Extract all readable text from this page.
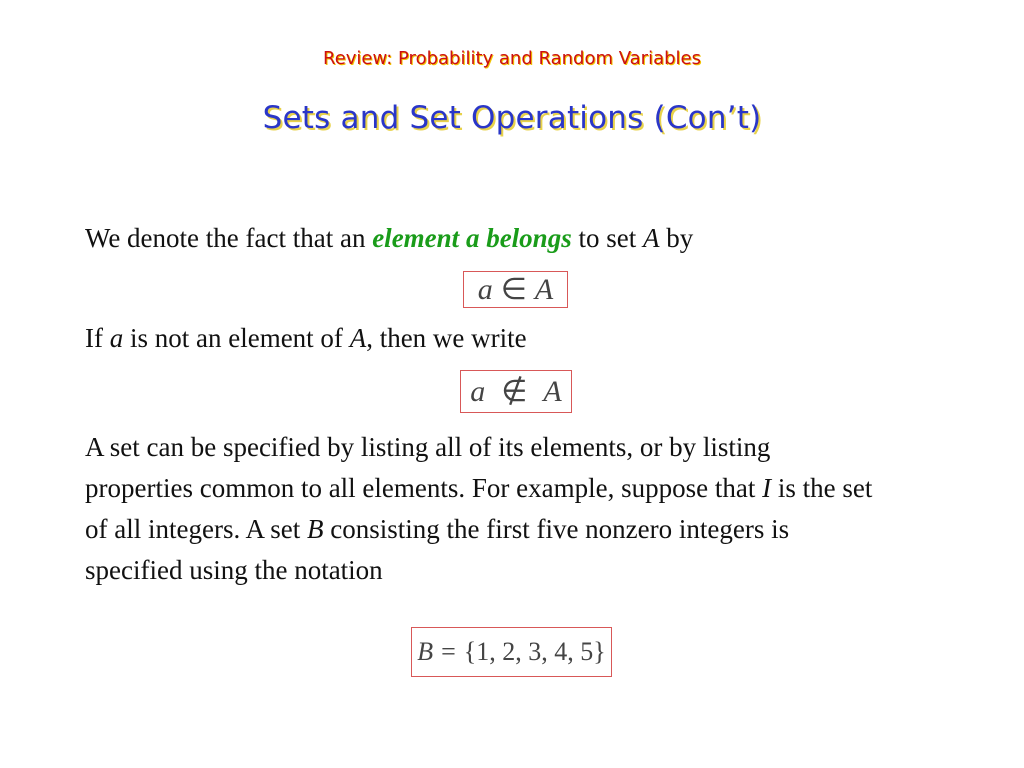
Review: Probability and Random Variables
Sets and Set Operations (Con’t)
We denote the fact that an element a belongs to set A by
a ∈ A
If a is not an element of A, then we write
a ∉ A
A set can be specified by listing all of its elements, or by listing properties common to all elements. For example, suppose that I is the set of all integers. A set B consisting the first five nonzero integers is specified using the notation
B = {1, 2, 3, 4, 5}
